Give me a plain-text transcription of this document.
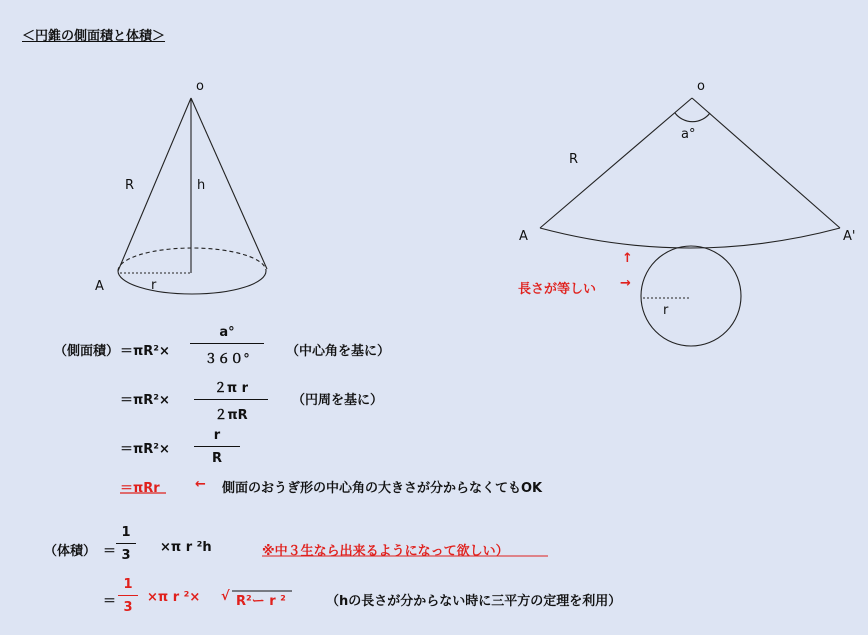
＜円錐の側面積と体積＞
o
R	h
A	r
o
a°
R
A	A'
↑
長さが等しい →
r
（側面積） ＝πR²×
a°
３６０°
（中心角を基に）
＝πR²×
２π r
２πR
（円周を基に）
＝πR²×
r
R
＝πRr	← 側面のおうぎ形の中心角の大きさが分からなくてもOK
（体積） ＝
1
3
×π r ²h	※中３生なら出来るようになって欲しい）
＝
1
3
×π r ²× √ R²ー r ²	（hの長さが分からない時に三平方の定理を利用）
